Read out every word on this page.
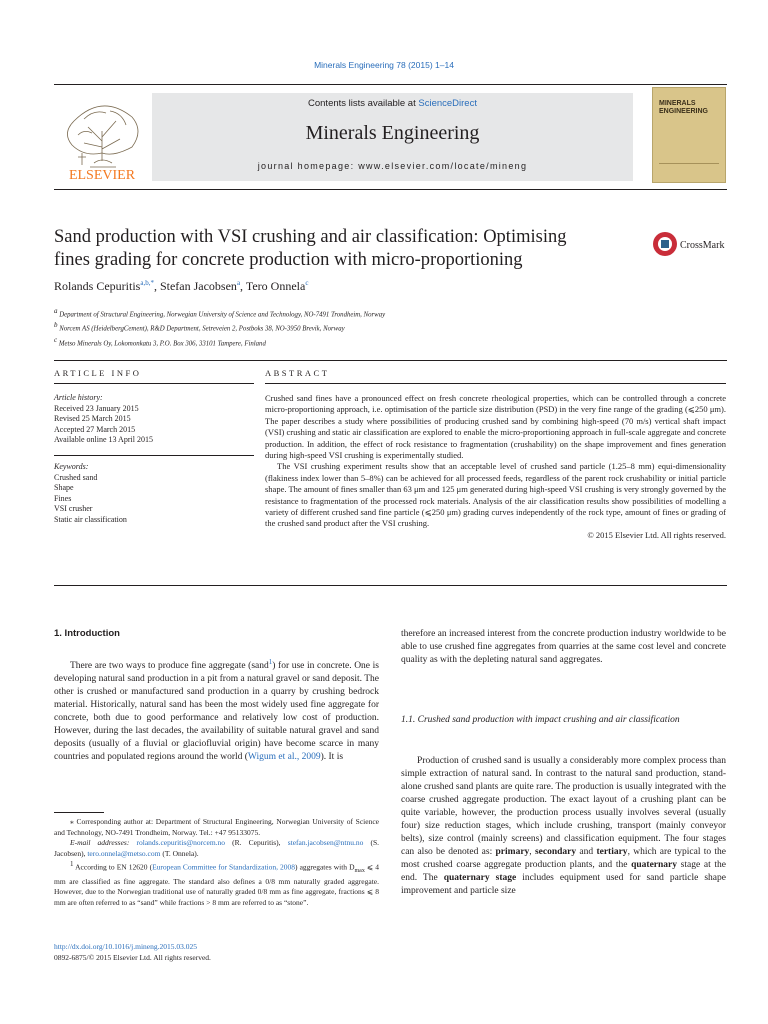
Minerals Engineering 78 (2015) 1–14
ELSEVIER
Contents lists available at ScienceDirect
Minerals Engineering
journal homepage: www.elsevier.com/locate/mineng
MINERALS
ENGINEERING
Sand production with VSI crushing and air classification: Optimising
fines grading for concrete production with micro-proportioning
CrossMark
Rolands Cepuritis$^{a,b,*}$, Stefan Jacobsen$^a$, Tero Onnela$^c$
$^a$ Department of Structural Engineering, Norwegian University of Science and Technology, NO-7491 Trondheim, Norway
$^b$ Norcem AS (HeidelbergCement), R&D Department, Setreveien 2, Postboks 38, NO-3950 Brevik, Norway
$^c$ Metso Minerals Oy, Lokomonkatu 3, P.O. Box 306, 33101 Tampere, Finland
ARTICLE INFO	ABSTRACT
Article history:
Received 23 January 2015
Revised 25 March 2015
Accepted 27 March 2015
Available online 13 April 2015
Keywords:
Crushed sand
Shape
Fines
VSI crusher
Static air classification

Crushed sand fines have a pronounced effect on fresh concrete rheological properties, which can be controlled through a concrete micro-proportioning approach, i.e. optimisation of the particle size distribution (PSD) in the very fine range of the grading (⩽250 μm). The paper describes a study where possibilities of producing crushed sand by combining high-speed (70 m/s) vertical shaft impact (VSI) crushing and static air classification are explored to enable the micro-proportioning approach in full-scale aggregate and concrete production. In addition, the effect of rock resistance to fragmentation (crushability) on the shape improvement and fines generation during high-speed VSI crushing is experimentally studied.

The VSI crushing experiment results show that an acceptable level of crushed sand particle (1.25–8 mm) equi-dimensionality (flakiness index lower than 5–8%) can be achieved for all processed feeds, regardless of the parent rock crushability or initial particle shape. The amount of fines smaller than 63 μm and 125 μm generated during high-speed VSI crushing is very strongly governed by the resistance to fragmentation of the processed rock materials. Analysis of the air classification results show possibilities of modelling a variety of different crushed sand fine particle (⩽250 μm) grading curves independently of the rock type, amount of fines or grading of the crushed sand product after the VSI crushing.

© 2015 Elsevier Ltd. All rights reserved.

1. Introduction

There are two ways to produce fine aggregate (sand$^1$) for use in concrete. One is developing natural sand production in a pit from a natural gravel or sand deposit. The other is crushed or manufactured sand production in a quarry by crushing bedrock material. Historically, natural sand has been the most widely used fine aggregate for concrete, both due to good performance and relatively low cost of production. However, during the last decades, the availability of suitable natural gravel and sand deposits (usually of a fluvial or glaciofluvial origin) have become scarce in many countries and populated regions around the world (Wigum et al., 2009). It is

⁎ Corresponding author at: Department of Structural Engineering, Norwegian University of Science and Technology, NO-7491 Trondheim, Norway. Tel.: +47 95133075.

E-mail addresses: rolands.cepuritis@norcem.no (R. Cepuritis), stefan.jacobsen@ntnu.no (S. Jacobsen), tero.onnela@metso.com (T. Onnela).

$^1$ According to EN 12620 (European Committee for Standardization, 2008) aggregates with $D_{max}$ ⩽ 4 mm are classified as fine aggregate. The standard also defines a 0/8 mm naturally graded aggregate. However, due to the Norwegian traditional use of naturally graded 0/8 mm as fine aggregate, fractions ⩽ 8 mm are often referred to as “sand” while fractions > 8 mm are referred to as “stone”.

http://dx.doi.org/10.1016/j.mineng.2015.03.025
0892-6875/© 2015 Elsevier Ltd. All rights reserved.

therefore an increased interest from the concrete production industry worldwide to be able to use crushed fine aggregates from quarries at the same cost level and concrete quality as with the depleting natural sand aggregates.

1.1. Crushed sand production with impact crushing and air classification

Production of crushed sand is usually a considerably more complex process than simple extraction of natural sand. In contrast to the natural sand production, stand-alone crushed sand plants are quite rare. The production is usually integrated with the coarse crushed aggregate production. The exact layout of a crushing plant can be quite variable, however, the production process usually involves several (usually four) size reduction stages, which include crushing, transport (mainly conveyor belts), size control (mainly screens) and classification equipment. The four stages can also be denoted as: primary, secondary and tertiary, which are typical to the most crushed coarse aggregate production plants, and the quaternary stage at the end. The quaternary stage includes equipment used for sand particle shape improvement and particle size
